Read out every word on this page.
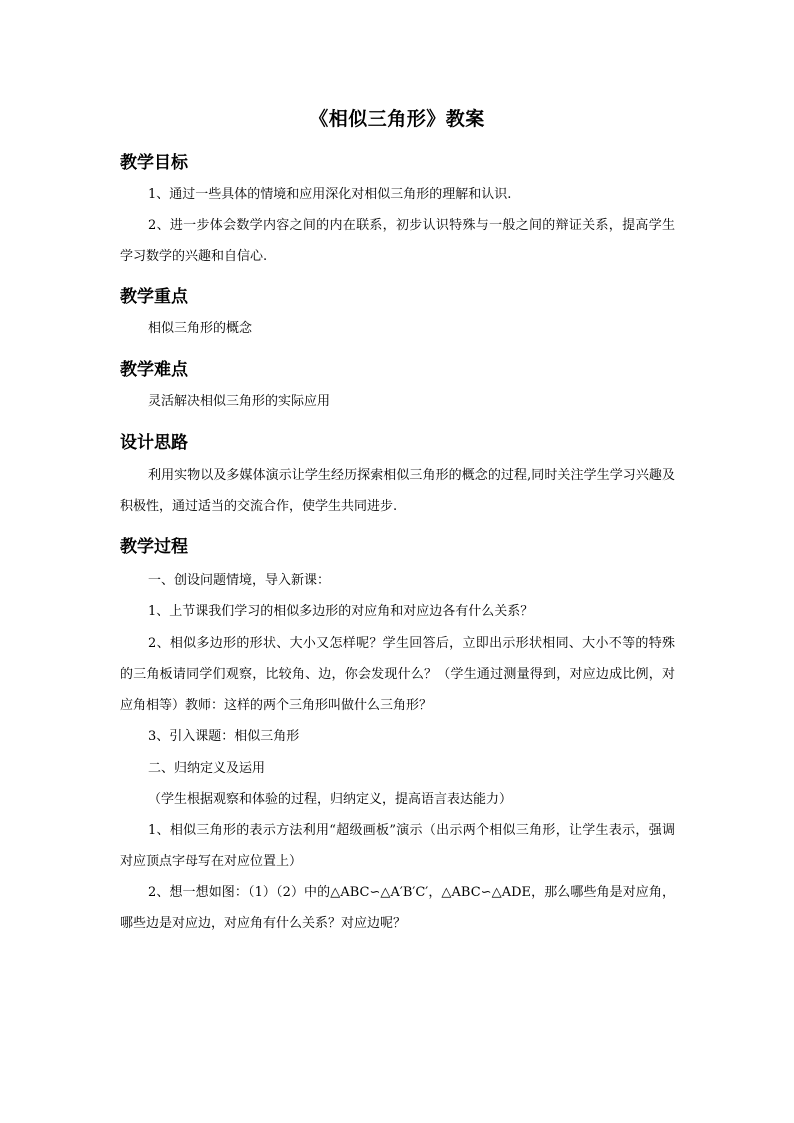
《相似三角形》教案
教学目标
1、通过一些具体的情境和应用深化对相似三角形的理解和认识.
2、进一步体会数学内容之间的内在联系，初步认识特殊与一般之间的辩证关系，提高学生学习数学的兴趣和自信心.
教学重点
相似三角形的概念
教学难点
灵活解决相似三角形的实际应用
设计思路
利用实物以及多媒体演示让学生经历探索相似三角形的概念的过程,同时关注学生学习兴趣及积极性，通过适当的交流合作，使学生共同进步.
教学过程
一、创设问题情境，导入新课：
1、上节课我们学习的相似多边形的对应角和对应边各有什么关系？
2、相似多边形的形状、大小又怎样呢？学生回答后，立即出示形状相同、大小不等的特殊的三角板请同学们观察，比较角、边，你会发现什么？（学生通过测量得到，对应边成比例，对应角相等）教师：这样的两个三角形叫做什么三角形？
3、引入课题：相似三角形
二、归纳定义及运用
（学生根据观察和体验的过程，归纳定义，提高语言表达能力）
1、相似三角形的表示方法利用“超级画板”演示（出示两个相似三角形，让学生表示，强调对应顶点字母写在对应位置上）
2、想一想如图：（1）（2）中的△ABC∽△A′B′C′，△ABC∽△ADE，那么哪些角是对应角，哪些边是对应边，对应角有什么关系？对应边呢？
